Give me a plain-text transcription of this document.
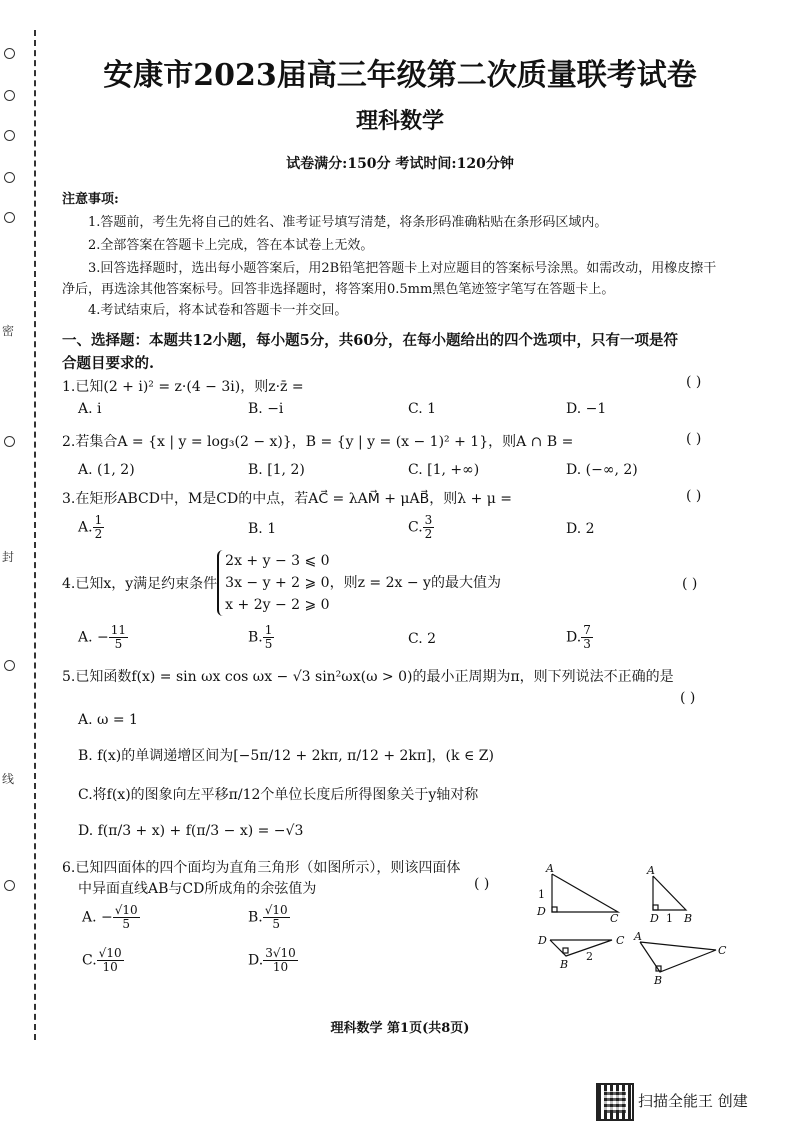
密
封
线
安康市2023届高三年级第二次质量联考试卷
理科数学
试卷满分:150分 考试时间:120分钟
注意事项:
1.答题前，考生先将自己的姓名、准考证号填写清楚，将条形码准确粘贴在条形码区域内。
2.全部答案在答题卡上完成，答在本试卷上无效。
3.回答选择题时，选出每小题答案后，用2B铅笔把答题卡上对应题目的答案标号涂黑。如需改动，用橡皮擦干
净后，再选涂其他答案标号。回答非选择题时，将答案用0.5mm黑色笔迹签字笔写在答题卡上。
4.考试结束后，将本试卷和答题卡一并交回。
一、选择题：本题共12小题，每小题5分，共60分，在每小题给出的四个选项中，只有一项是符
合题目要求的.
1.已知(2 + i)² = z·(4 − 3i)，则z·z̄ =	( )
A. i	B. −i	C. 1	D. −1
2.若集合A = {x | y = log₃(2 − x)}，B = {y | y = (x − 1)² + 1}，则A ∩ B =	( )
A. (1, 2)	B. [1, 2)	C. [1, +∞)	D. (−∞, 2)
3.在矩形ABCD中，M是CD的中点，若AC⃗ = λAM⃗ + μAB⃗，则λ + μ =	( )
A. $\frac{1}{2}$	B. 1	C. $\frac{3}{2}$	D. 2
4.已知x，y满足约束条件
2x + y − 3 ⩽ 0
3x − y + 2 ⩾ 0，则z = 2x − y的最大值为
x + 2y − 2 ⩾ 0
( )
A. − $\frac{11}{5}$	B. $\frac{1}{5}$	C. 2	D. $\frac{7}{3}$
5.已知函数f(x) = sin ωx cos ωx − √3 sin²ωx(ω > 0)的最小正周期为π，则下列说法不正确的是
( )
A. ω = 1
B. f(x)的单调递增区间为[−5π/12 + 2kπ, π/12 + 2kπ]，(k ∈ Z)
C.将f(x)的图象向左平移π/12个单位长度后所得图象关于y轴对称
D. f(π/3 + x) + f(π/3 − x) = −√3
6.已知四面体的四个面均为直角三角形（如图所示），则该四面体
中异面直线AB与CD所成角的余弦值为	( )
A. − $\frac{√10}{5}$	B. $\frac{√10}{5}$
C. $\frac{√10}{10}$	D. $\frac{3√10}{10}$
A
1
D
C
A
D 1 B
D	C
B
2
A
C
B
理科数学 第1页(共8页)
扫描全能王 创建
